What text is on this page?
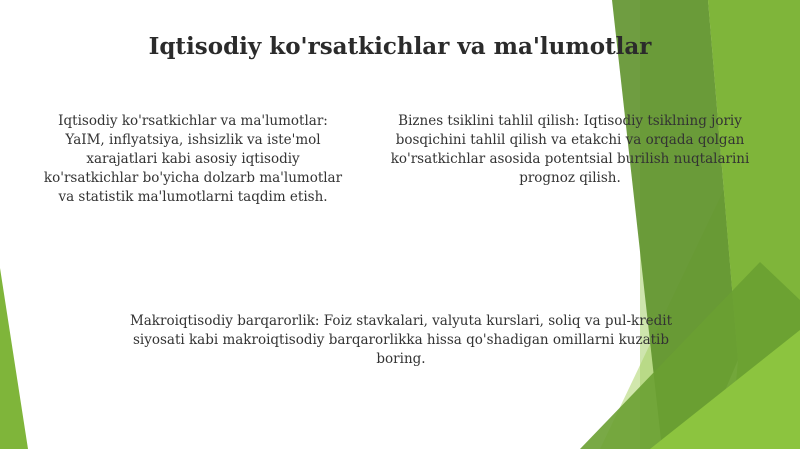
Iqtisodiy ko'rsatkichlar va ma'lumotlar

Iqtisodiy ko'rsatkichlar va ma'lumotlar: YaIM, inflyatsiya, ishsizlik va iste'mol xarajatlari kabi asosiy iqtisodiy ko'rsatkichlar bo'yicha dolzarb ma'lumotlar va statistik ma'lumotlarni taqdim etish.

Biznes tsiklini tahlil qilish: Iqtisodiy tsiklning joriy bosqichini tahlil qilish va etakchi va orqada qolgan ko'rsatkichlar asosida potentsial burilish nuqtalarini prognoz qilish.

Makroiqtisodiy barqarorlik: Foiz stavkalari, valyuta kurslari, soliq va pul-kredit siyosati kabi makroiqtisodiy barqarorlikka hissa qo'shadigan omillarni kuzatib boring.
